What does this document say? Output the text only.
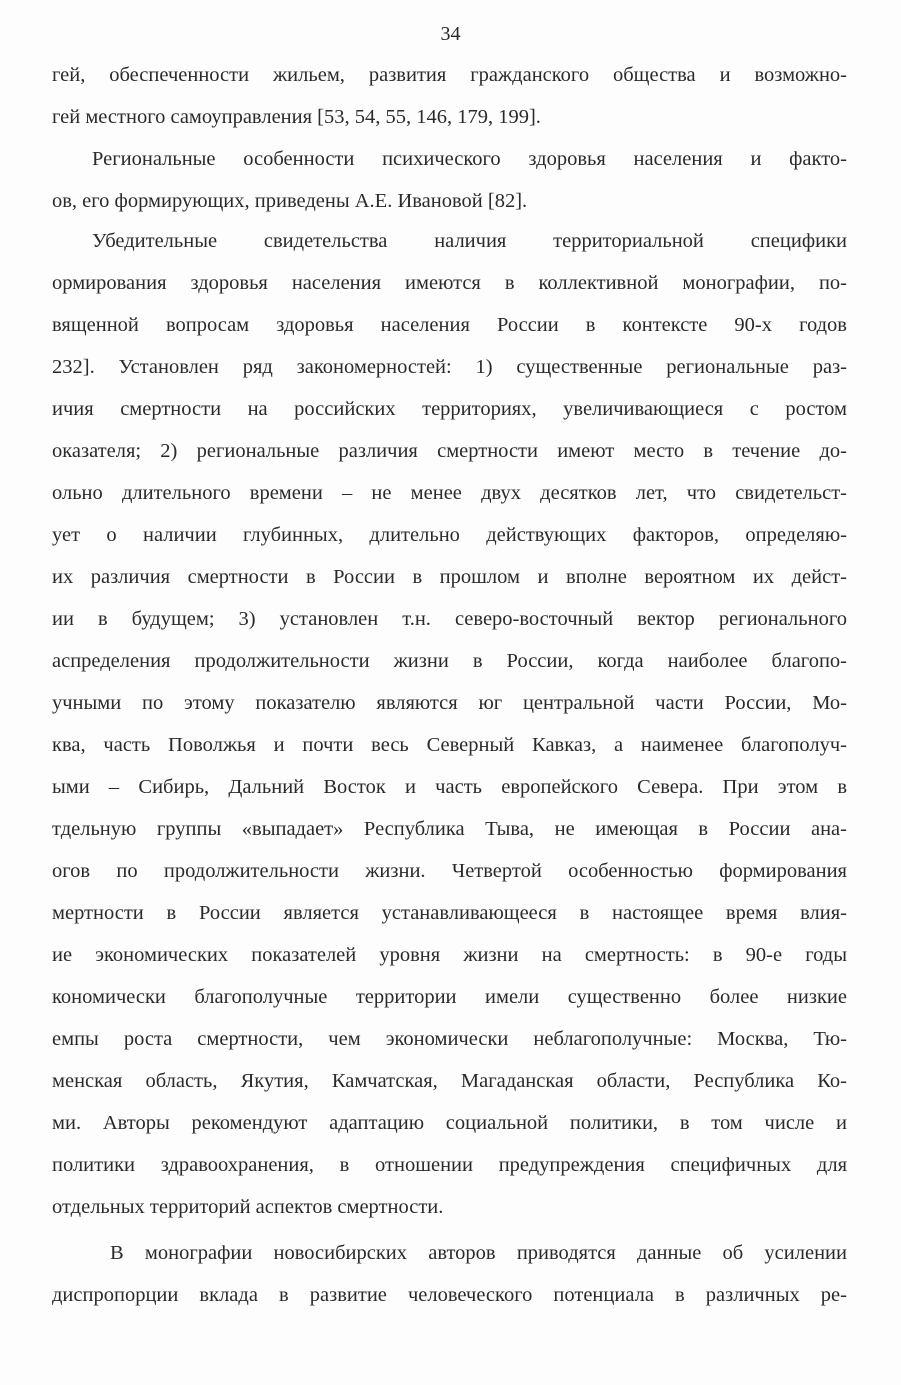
34
гей, обеспеченности жильем, развития гражданского общества и возможно-
гей местного самоуправления [53, 54, 55, 146, 179, 199].
Региональные особенности психического здоровья населения и факто-
ов, его формирующих, приведены А.Е. Ивановой [82].
Убедительные свидетельства наличия территориальной специфики
ормирования здоровья населения имеются в коллективной монографии, по-
вященной вопросам здоровья населения России в контексте 90-х годов
232]. Установлен ряд закономерностей: 1) существенные региональные раз-
ичия смертности на российских территориях, увеличивающиеся с ростом
оказателя; 2) региональные различия смертности имеют место в течение до-
ольно длительного времени – не менее двух десятков лет, что свидетельст-
ует о наличии глубинных, длительно действующих факторов, определяю-
их различия смертности в России в прошлом и вполне вероятном их дейст-
ии в будущем; 3) установлен т.н. северо-восточный вектор регионального
аспределения продолжительности жизни в России, когда наиболее благопо-
учными по этому показателю являются юг центральной части России, Мо-
ква, часть Поволжья и почти весь Северный Кавказ, а наименее благополуч-
ыми – Сибирь, Дальний Восток и часть европейского Севера. При этом в
тдельную группы «выпадает» Республика Тыва, не имеющая в России ана-
огов по продолжительности жизни. Четвертой особенностью формирования
мертности в России является устанавливающееся в настоящее время влия-
ие экономических показателей уровня жизни на смертность: в 90-е годы
кономически благополучные территории имели существенно более низкие
емпы роста смертности, чем экономически неблагополучные: Москва, Тю-
менская область, Якутия, Камчатская, Магаданская области, Республика Ко-
ми. Авторы рекомендуют адаптацию социальной политики, в том числе и
политики здравоохранения, в отношении предупреждения специфичных для
отдельных территорий аспектов смертности.
В монографии новосибирских авторов приводятся данные об усилении
диспропорции вклада в развитие человеческого потенциала в различных ре-
